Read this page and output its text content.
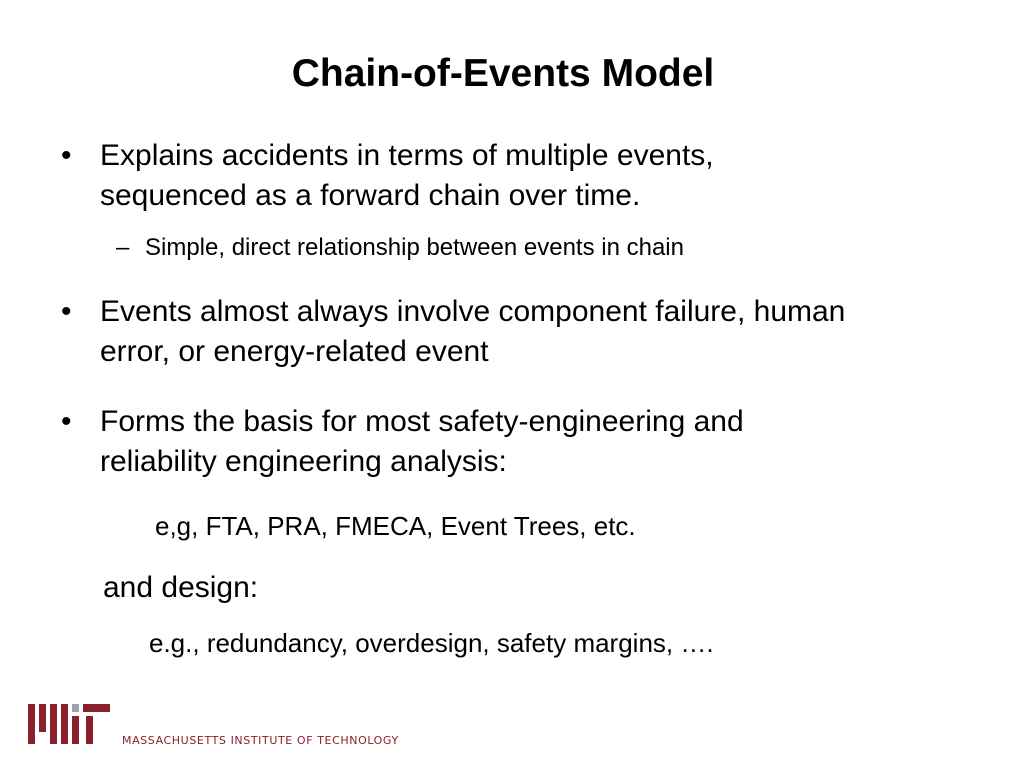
Chain-of-Events Model
• Explains accidents in terms of multiple events,
sequenced as a forward chain over time.
– Simple, direct relationship between events in chain
• Events almost always involve component failure, human
error, or energy-related event
• Forms the basis for most safety-engineering and
reliability engineering analysis:
e,g, FTA, PRA, FMECA, Event Trees, etc.
and design:
e.g., redundancy, overdesign, safety margins, ….
MASSACHUSETTS INSTITUTE OF TECHNOLOGY
